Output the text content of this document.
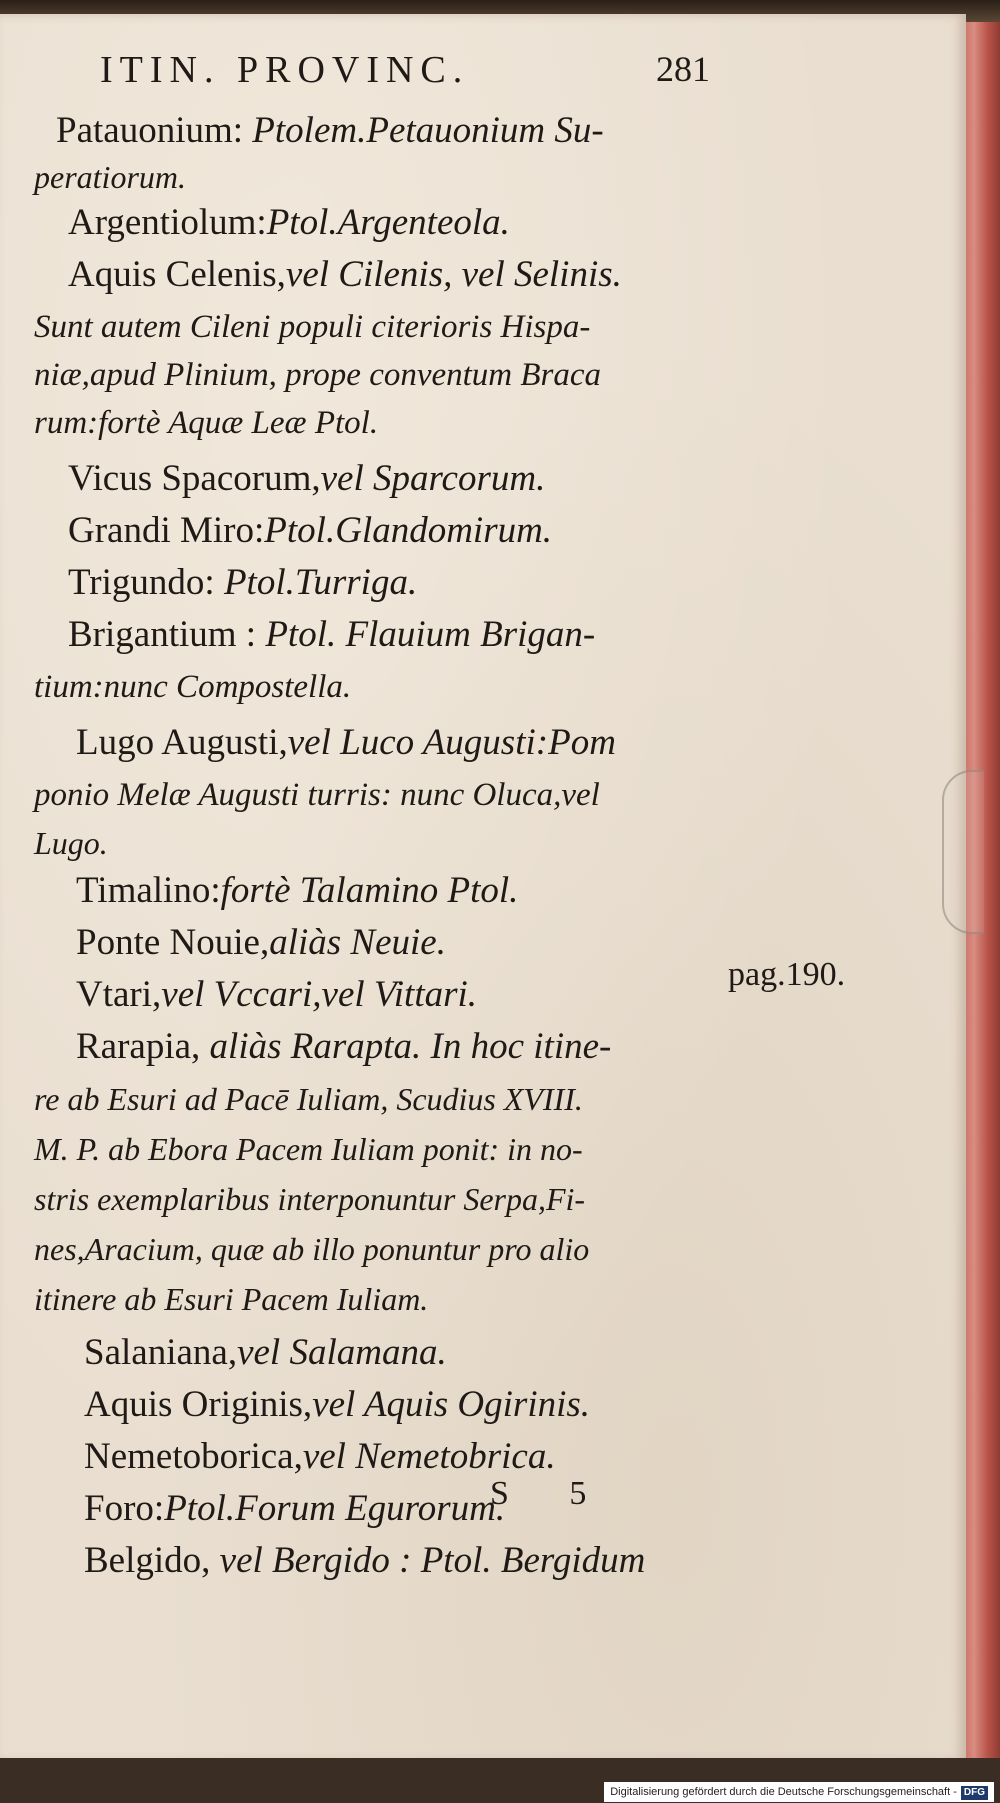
ITIN. PROVINC.	281
Patauonium: Ptolem.Petauonium Su-
peratiorum.
Argentiolum:Ptol.Argenteola.
Aquis Celenis,vel Cilenis, vel Selinis.
Sunt autem Cileni populi citerioris Hispa-
niæ,apud Plinium, prope conventum Braca
rum:fortè Aquæ Leæ Ptol.
Vicus Spacorum,vel Sparcorum.
Grandi Miro:Ptol.Glandomirum.
Trigundo: Ptol.Turriga.
Brigantium : Ptol. Flauium Brigan-
tium:nunc Compostella.
Lugo Augusti,vel Luco Augusti:Pom
ponio Melæ Augusti turris: nunc Oluca,vel
Lugo.
Timalino:fortè Talamino Ptol.
Ponte Nouie,aliàs Neuie.
Vtari,vel Vccari,vel Vittari.
Rarapia, aliàs Rarapta. In hoc itine-
re ab Esuri ad Pacē Iuliam, Scudius XVIII.
M. P. ab Ebora Pacem Iuliam ponit: in no-
stris exemplaribus interponuntur Serpa,Fi-
nes,Aracium, quæ ab illo ponuntur pro alio
itinere ab Esuri Pacem Iuliam.
Salaniana,vel Salamana.
Aquis Originis,vel Aquis Ogirinis.
Nemetoborica,vel Nemetobrica.
Foro:Ptol.Forum Egurorum.
Belgido, vel Bergido : Ptol. Bergidum
pag.190.
S 5
Digitalisierung gefördert durch die Deutsche Forschungsgemeinschaft - DFG
